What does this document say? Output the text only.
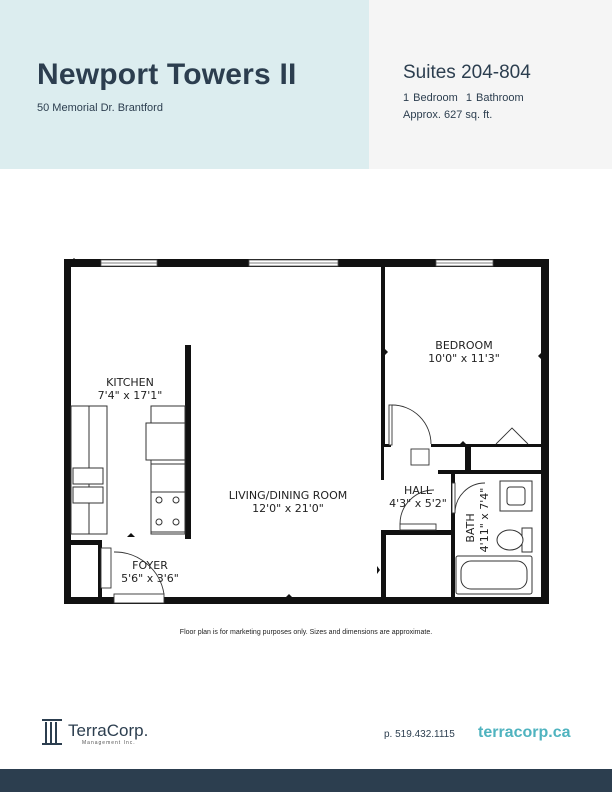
Newport Towers II
50 Memorial Dr. Brantford
Suites 204-804
1 Bedroom 1 Bathroom
Approx. 627 sq. ft.
KITCHEN
7'4" x 17'1"
BEDROOM
10'0" x 11'3"
LIVING/DINING ROOM
12'0" x 21'0"
HALL
4'3" x 5'2"
BATH 4'11" x 7'4"
FOYER
5'6" x 3'6"
Floor plan is for marketing purposes only. Sizes and dimensions are approximate.
TerraCorp.
Management Inc.
p. 519.432.1115 terracorp.ca
